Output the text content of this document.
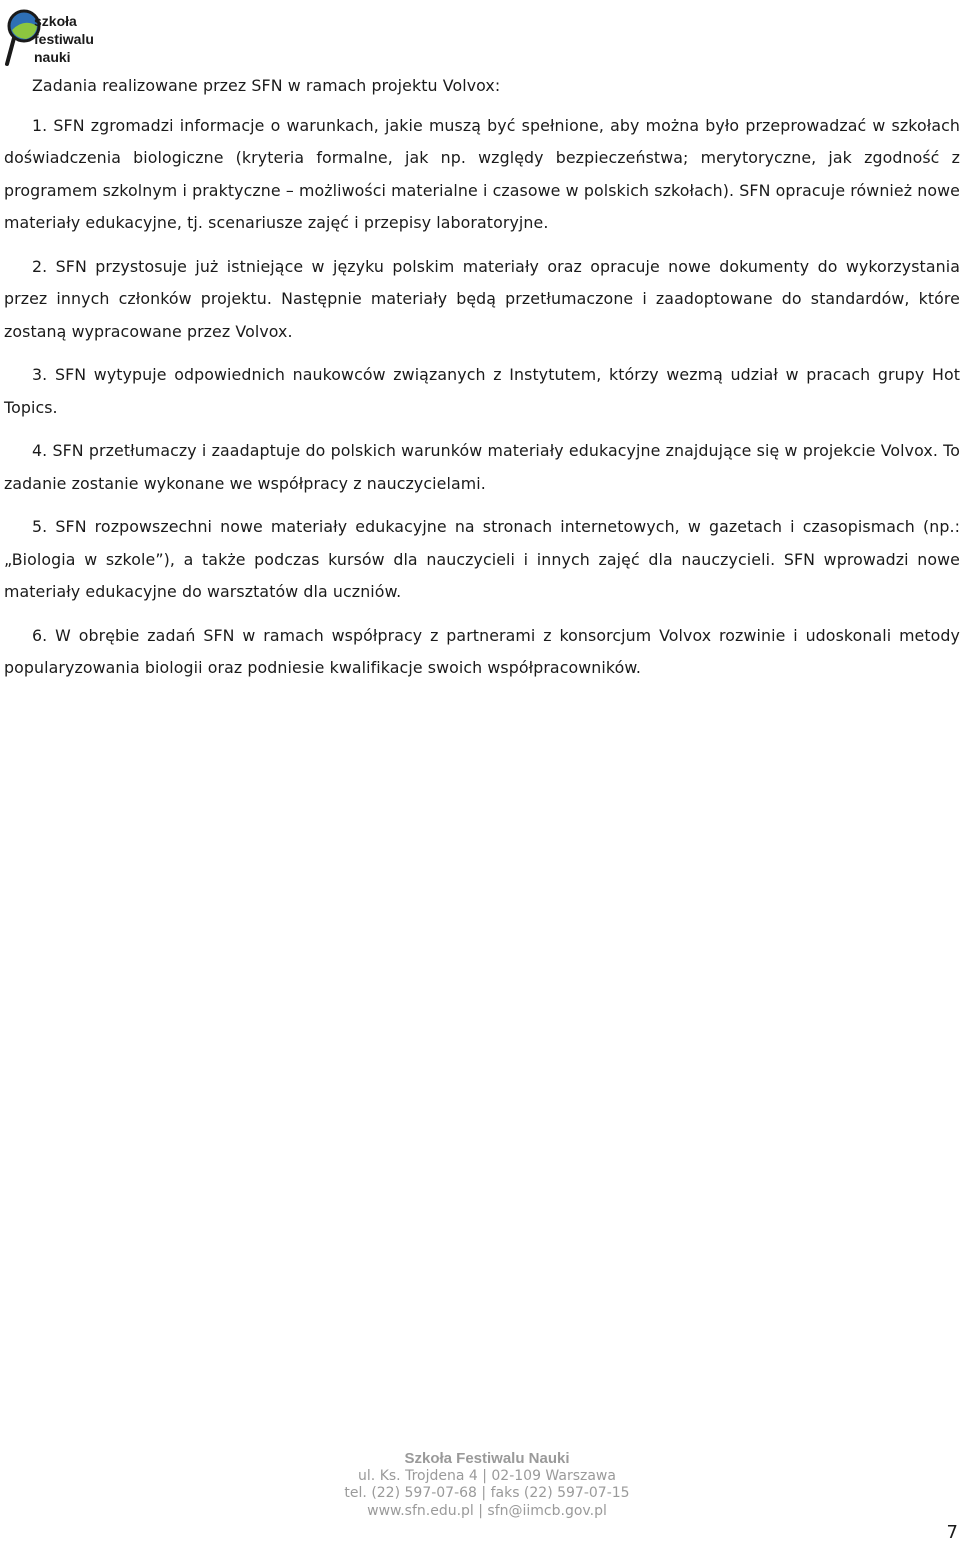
szkoła
festiwalu
nauki

Zadania realizowane przez SFN w ramach projektu Volvox:

1. SFN zgromadzi informacje o warunkach, jakie muszą być spełnione, aby można było przeprowadzać w szkołach doświadczenia biologiczne (kryteria formalne, jak np. względy bezpieczeństwa; merytoryczne, jak zgodność z programem szkolnym i praktyczne – możliwości materialne i czasowe w polskich szkołach). SFN opracuje również nowe materiały edukacyjne, tj. scenariusze zajęć i przepisy laboratoryjne.

2. SFN przystosuje już istniejące w języku polskim materiały oraz opracuje nowe dokumenty do wykorzystania przez innych członków projektu. Następnie materiały będą przetłumaczone i zaadoptowane do standardów, które zostaną wypracowane przez Volvox.

3. SFN wytypuje odpowiednich naukowców związanych z Instytutem, którzy wezmą udział w pracach grupy Hot Topics.

4. SFN przetłumaczy i zaadaptuje do polskich warunków materiały edukacyjne znajdujące się w projekcie Volvox. To zadanie zostanie wykonane we współpracy z nauczycielami.

5. SFN rozpowszechni nowe materiały edukacyjne na stronach internetowych, w gazetach i czasopismach (np.: „Biologia w szkole”), a także podczas kursów dla nauczycieli i innych zajęć dla nauczycieli. SFN wprowadzi nowe materiały edukacyjne do warsztatów dla uczniów.

6. W obrębie zadań SFN w ramach współpracy z partnerami z konsorcjum Volvox rozwinie i udoskonali metody popularyzowania biologii oraz podniesie kwalifikacje swoich współpracowników.

Szkoła Festiwalu Nauki
ul. Ks. Trojdena 4 | 02-109 Warszawa
tel. (22) 597-07-68 | faks (22) 597-07-15
www.sfn.edu.pl | sfn@iimcb.gov.pl
7
